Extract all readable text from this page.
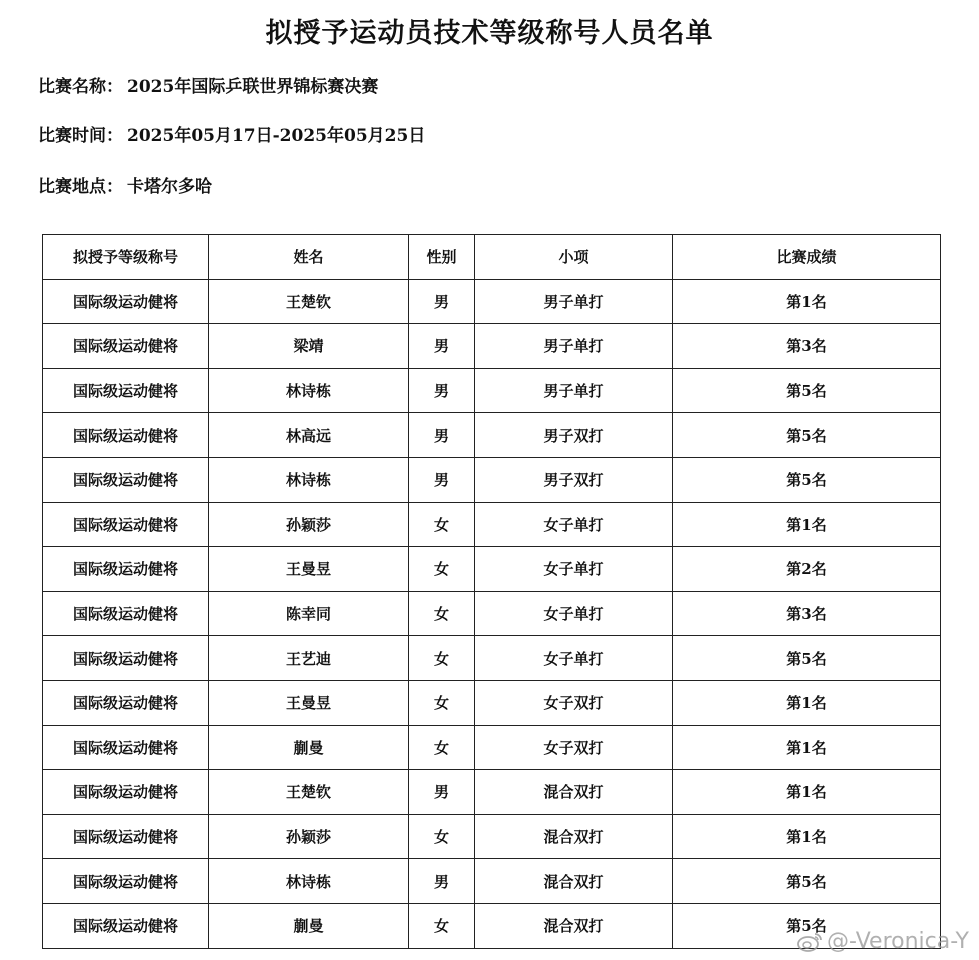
拟授予运动员技术等级称号人员名单
比赛名称： 2025年国际乒联世界锦标赛决赛
比赛时间： 2025年05月17日-2025年05月25日
比赛地点： 卡塔尔多哈
拟授予等级称号	姓名	性别	小项	比赛成绩
国际级运动健将	王楚钦	男	男子单打	第1名
国际级运动健将	梁靖	男	男子单打	第3名
国际级运动健将	林诗栋	男	男子单打	第5名
国际级运动健将	林高远	男	男子双打	第5名
国际级运动健将	林诗栋	男	男子双打	第5名
国际级运动健将	孙颖莎	女	女子单打	第1名
国际级运动健将	王曼昱	女	女子单打	第2名
国际级运动健将	陈幸同	女	女子单打	第3名
国际级运动健将	王艺迪	女	女子单打	第5名
国际级运动健将	王曼昱	女	女子双打	第1名
国际级运动健将	蒯曼	女	女子双打	第1名
国际级运动健将	王楚钦	男	混合双打	第1名
国际级运动健将	孙颖莎	女	混合双打	第1名
国际级运动健将	林诗栋	男	混合双打	第5名
国际级运动健将	蒯曼	女	混合双打	第5名
@-Veronica-Y
